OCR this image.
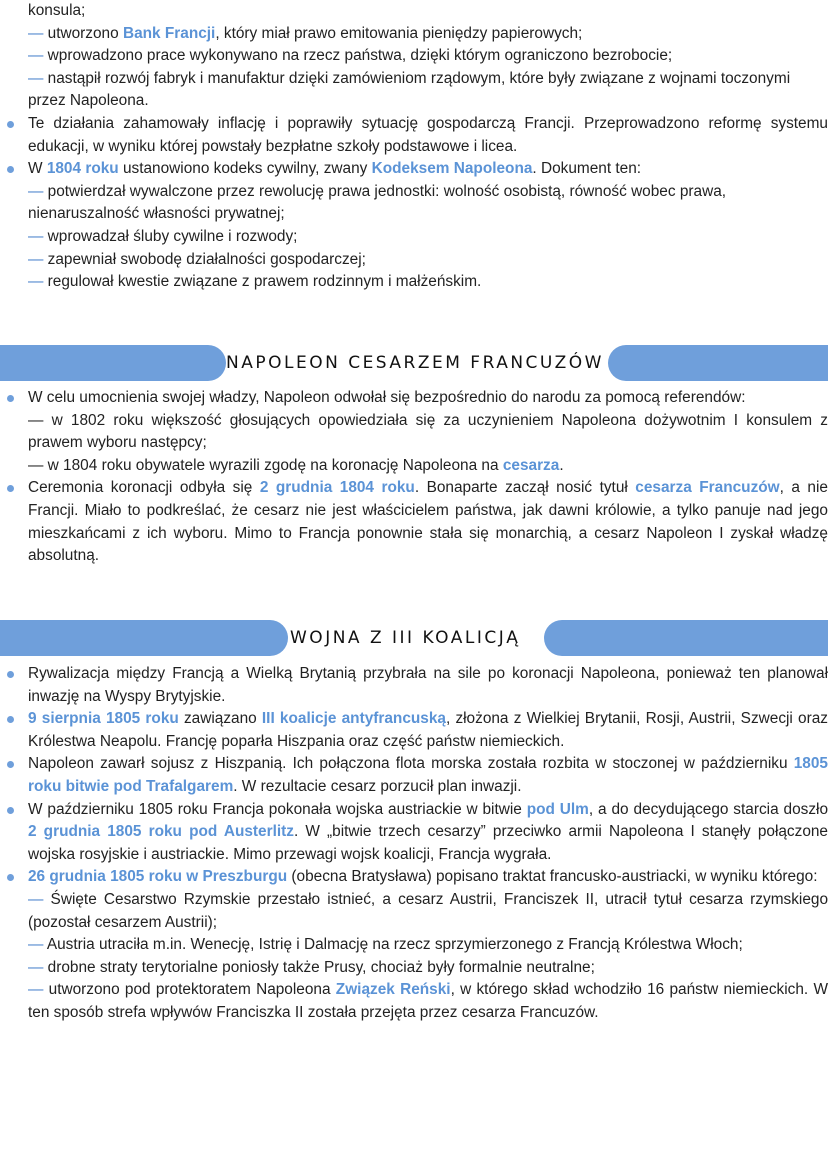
konsula;

— utworzono Bank Francji, który miał prawo emitowania pieniędzy papierowych;

— wprowadzono prace wykonywano na rzecz państwa, dzięki którym ograniczono bezrobocie;

— nastąpił rozwój fabryk i manufaktur dzięki zamówieniom rządowym, które były związane z wojnami toczonymi przez Napoleona.

Te działania zahamowały inflację i poprawiły sytuację gospodarczą Francji. Przeprowadzono reformę systemu edukacji, w wyniku której powstały bezpłatne szkoły podstawowe i licea.

W 1804 roku ustanowiono kodeks cywilny, zwany Kodeksem Napoleona. Dokument ten:

— potwierdzał wywalczone przez rewolucję prawa jednostki: wolność osobistą, równość wobec prawa, nienaruszalność własności prywatnej;

— wprowadzał śluby cywilne i rozwody;

— zapewniał swobodę działalności gospodarczej;

— regulował kwestie związane z prawem rodzinnym i małżeńskim.

NAPOLEON CESARZEM FRANCUZÓW

W celu umocnienia swojej władzy, Napoleon odwołał się bezpośrednio do narodu za pomocą referendów:

— w 1802 roku większość głosujących opowiedziała się za uczynieniem Napoleona dożywotnim I konsulem z prawem wyboru następcy;

— w 1804 roku obywatele wyrazili zgodę na koronację Napoleona na cesarza.

Ceremonia koronacji odbyła się 2 grudnia 1804 roku. Bonaparte zaczął nosić tytuł cesarza Francuzów, a nie Francji. Miało to podkreślać, że cesarz nie jest właścicielem państwa, jak dawni królowie, a tylko panuje nad jego mieszkańcami z ich wyboru. Mimo to Francja ponownie stała się monarchią, a cesarz Napoleon I zyskał władzę absolutną.

WOJNA Z III KOALICJĄ

Rywalizacja między Francją a Wielką Brytanią przybrała na sile po koronacji Napoleona, ponieważ ten planował inwazję na Wyspy Brytyjskie.

9 sierpnia 1805 roku zawiązano III koalicje antyfrancuską, złożona z Wielkiej Brytanii, Rosji, Austrii, Szwecji oraz Królestwa Neapolu. Francję poparła Hiszpania oraz część państw niemieckich.

Napoleon zawarł sojusz z Hiszpanią. Ich połączona flota morska została rozbita w stoczonej w październiku 1805 roku bitwie pod Trafalgarem. W rezultacie cesarz porzucił plan inwazji.

W październiku 1805 roku Francja pokonała wojska austriackie w bitwie pod Ulm, a do decydującego starcia doszło 2 grudnia 1805 roku pod Austerlitz. W „bitwie trzech cesarzy” przeciwko armii Napoleona I stanęły połączone wojska rosyjskie i austriackie. Mimo przewagi wojsk koalicji, Francja wygrała.

26 grudnia 1805 roku w Preszburgu (obecna Bratysława) popisano traktat francusko-austriacki, w wyniku którego:

— Święte Cesarstwo Rzymskie przestało istnieć, a cesarz Austrii, Franciszek II, utracił tytuł cesarza rzymskiego (pozostał cesarzem Austrii);

— Austria utraciła m.in. Wenecję, Istrię i Dalmację na rzecz sprzymierzonego z Francją Królestwa Włoch;

— drobne straty terytorialne poniosły także Prusy, chociaż były formalnie neutralne;

— utworzono pod protektoratem Napoleona Związek Reński, w którego skład wchodziło 16 państw niemieckich. W ten sposób strefa wpływów Franciszka II została przejęta przez cesarza Francuzów.
